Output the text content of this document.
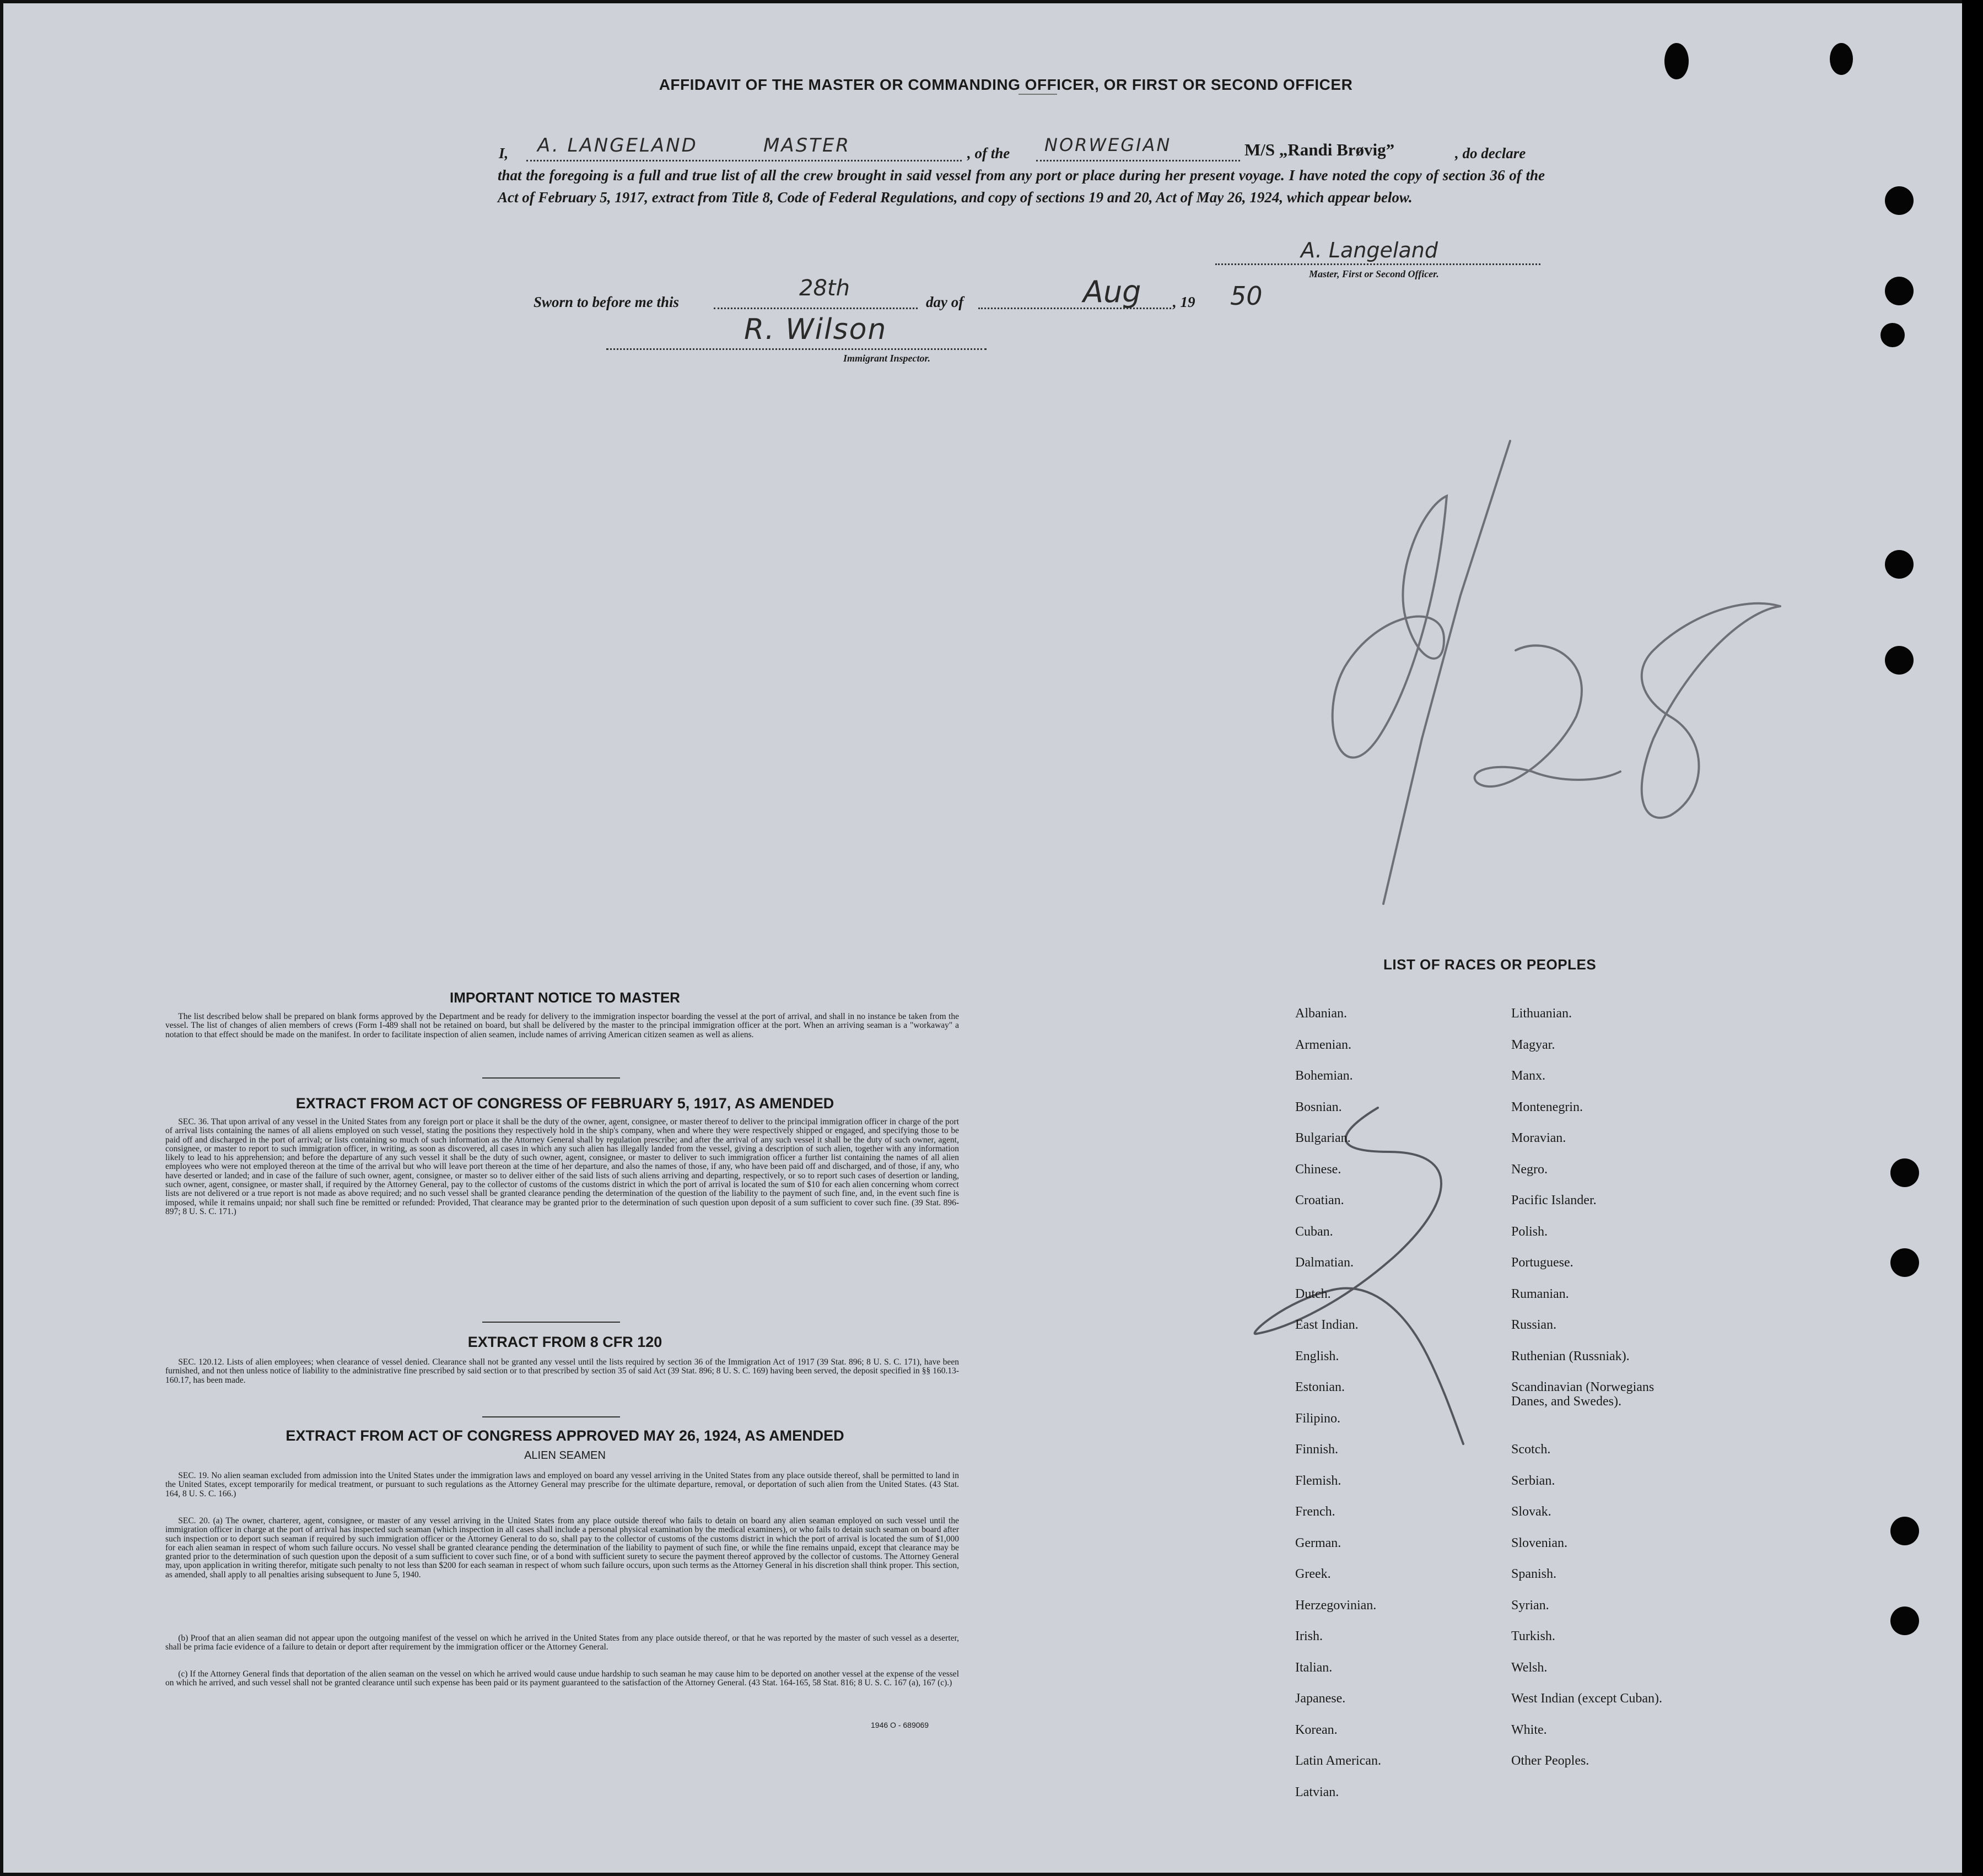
AFFIDAVIT OF THE MASTER OR COMMANDING OFFICER, OR FIRST OR SECOND OFFICER
I, A. LANGELAND	MASTER	, of the NORWEGIAN	M/S „Randi Brøvig”	, do declare
that the foregoing is a full and true list of all the crew brought in said vessel from any port or place during her present voyage. I have noted the copy of section 36 of the Act of February 5, 1917, extract from Title 8, Code of Federal Regulations, and copy of sections 19 and 20, Act of May 26, 1924, which appear below.
A. Langeland
Master, First or Second Officer.
Sworn to before me this
28th
day of	Aug , 19 50
R. Wilson
Immigrant Inspector.
8/28
2
IMPORTANT NOTICE TO MASTER
The list described below shall be prepared on blank forms approved by the Department and be ready for delivery to the immigration inspector boarding the vessel at the port of arrival, and shall in no instance be taken from the vessel. The list of changes of alien members of crews (Form I-489 shall not be retained on board, but shall be delivered by the master to the principal immigration officer at the port. When an arriving seaman is a "workaway" a notation to that effect should be made on the manifest. In order to facilitate inspection of alien seamen, include names of arriving American citizen seamen as well as aliens.
EXTRACT FROM ACT OF CONGRESS OF FEBRUARY 5, 1917, AS AMENDED
SEC. 36. That upon arrival of any vessel in the United States from any foreign port or place it shall be the duty of the owner, agent, consignee, or master thereof to deliver to the principal immigration officer in charge of the port of arrival lists containing the names of all aliens employed on such vessel, stating the positions they respectively hold in the ship's company, when and where they were respectively shipped or engaged, and specifying those to be paid off and discharged in the port of arrival; or lists containing so much of such information as the Attorney General shall by regulation prescribe; and after the arrival of any such vessel it shall be the duty of such owner, agent, consignee, or master to report to such immigration officer, in writing, as soon as discovered, all cases in which any such alien has illegally landed from the vessel, giving a description of such alien, together with any information likely to lead to his apprehension; and before the departure of any such vessel it shall be the duty of such owner, agent, consignee, or master to deliver to such immigration officer a further list containing the names of all alien employees who were not employed thereon at the time of the arrival but who will leave port thereon at the time of her departure, and also the names of those, if any, who have been paid off and discharged, and of those, if any, who have deserted or landed; and in case of the failure of such owner, agent, consignee, or master so to deliver either of the said lists of such aliens arriving and departing, respectively, or so to report such cases of desertion or landing, such owner, agent, consignee, or master shall, if required by the Attorney General, pay to the collector of customs of the customs district in which the port of arrival is located the sum of $10 for each alien concerning whom correct lists are not delivered or a true report is not made as above required; and no such vessel shall be granted clearance pending the determination of the question of the liability to the payment of such fine, and, in the event such fine is imposed, while it remains unpaid; nor shall such fine be remitted or refunded: Provided, That clearance may be granted prior to the determination of such question upon deposit of a sum sufficient to cover such fine. (39 Stat. 896-897; 8 U. S. C. 171.)
EXTRACT FROM 8 CFR 120
SEC. 120.12. Lists of alien employees; when clearance of vessel denied. Clearance shall not be granted any vessel until the lists required by section 36 of the Immigration Act of 1917 (39 Stat. 896; 8 U. S. C. 171), have been furnished, and not then unless notice of liability to the administrative fine prescribed by said section or to that prescribed by section 35 of said Act (39 Stat. 896; 8 U. S. C. 169) having been served, the deposit specified in §§ 160.13-160.17, has been made.
EXTRACT FROM ACT OF CONGRESS APPROVED MAY 26, 1924, AS AMENDED
ALIEN SEAMEN
SEC. 19. No alien seaman excluded from admission into the United States under the immigration laws and employed on board any vessel arriving in the United States from any place outside thereof, shall be permitted to land in the United States, except temporarily for medical treatment, or pursuant to such regulations as the Attorney General may prescribe for the ultimate departure, removal, or deportation of such alien from the United States. (43 Stat. 164, 8 U. S. C. 166.)
SEC. 20. (a) The owner, charterer, agent, consignee, or master of any vessel arriving in the United States from any place outside thereof who fails to detain on board any alien seaman employed on such vessel until the immigration officer in charge at the port of arrival has inspected such seaman (which inspection in all cases shall include a personal physical examination by the medical examiners), or who fails to detain such seaman on board after such inspection or to deport such seaman if required by such immigration officer or the Attorney General to do so, shall pay to the collector of customs of the customs district in which the port of arrival is located the sum of $1,000 for each alien seaman in respect of whom such failure occurs. No vessel shall be granted clearance pending the determination of the liability to payment of such fine, or while the fine remains unpaid, except that clearance may be granted prior to the determination of such question upon the deposit of a sum sufficient to cover such fine, or of a bond with sufficient surety to secure the payment thereof approved by the collector of customs. The Attorney General may, upon application in writing therefor, mitigate such penalty to not less than $200 for each seaman in respect of whom such failure occurs, upon such terms as the Attorney General in his discretion shall think proper. This section, as amended, shall apply to all penalties arising subsequent to June 5, 1940.
(b) Proof that an alien seaman did not appear upon the outgoing manifest of the vessel on which he arrived in the United States from any place outside thereof, or that he was reported by the master of such vessel as a deserter, shall be prima facie evidence of a failure to detain or deport after requirement by the immigration officer or the Attorney General.
(c) If the Attorney General finds that deportation of the alien seaman on the vessel on which he arrived would cause undue hardship to such seaman he may cause him to be deported on another vessel at the expense of the vessel on which he arrived, and such vessel shall not be granted clearance until such expense has been paid or its payment guaranteed to the satisfaction of the Attorney General. (43 Stat. 164-165, 58 Stat. 816; 8 U. S. C. 167 (a), 167 (c).)
1946 O - 689069
LIST OF RACES OR PEOPLES
Albanian.
Armenian.
Bohemian.
Bosnian.
Bulgarian.
Chinese.
Croatian.
Cuban.
Dalmatian.
Dutch.
East Indian.
English.
Estonian.
Filipino.
Finnish.
Flemish.
French.
German.
Greek.
Herzegovinian.
Irish.
Italian.
Japanese.
Korean.
Latin American.
Latvian.
Lithuanian.
Magyar.
Manx.
Montenegrin.
Moravian.
Negro.
Pacific Islander.
Polish.
Portuguese.
Rumanian.
Russian.
Ruthenian (Russniak).
Scandinavian (Norwegians
Danes, and Swedes).
Scotch.
Serbian.
Slovak.
Slovenian.
Spanish.
Syrian.
Turkish.
Welsh.
West Indian (except Cuban).
White.
Other Peoples.
